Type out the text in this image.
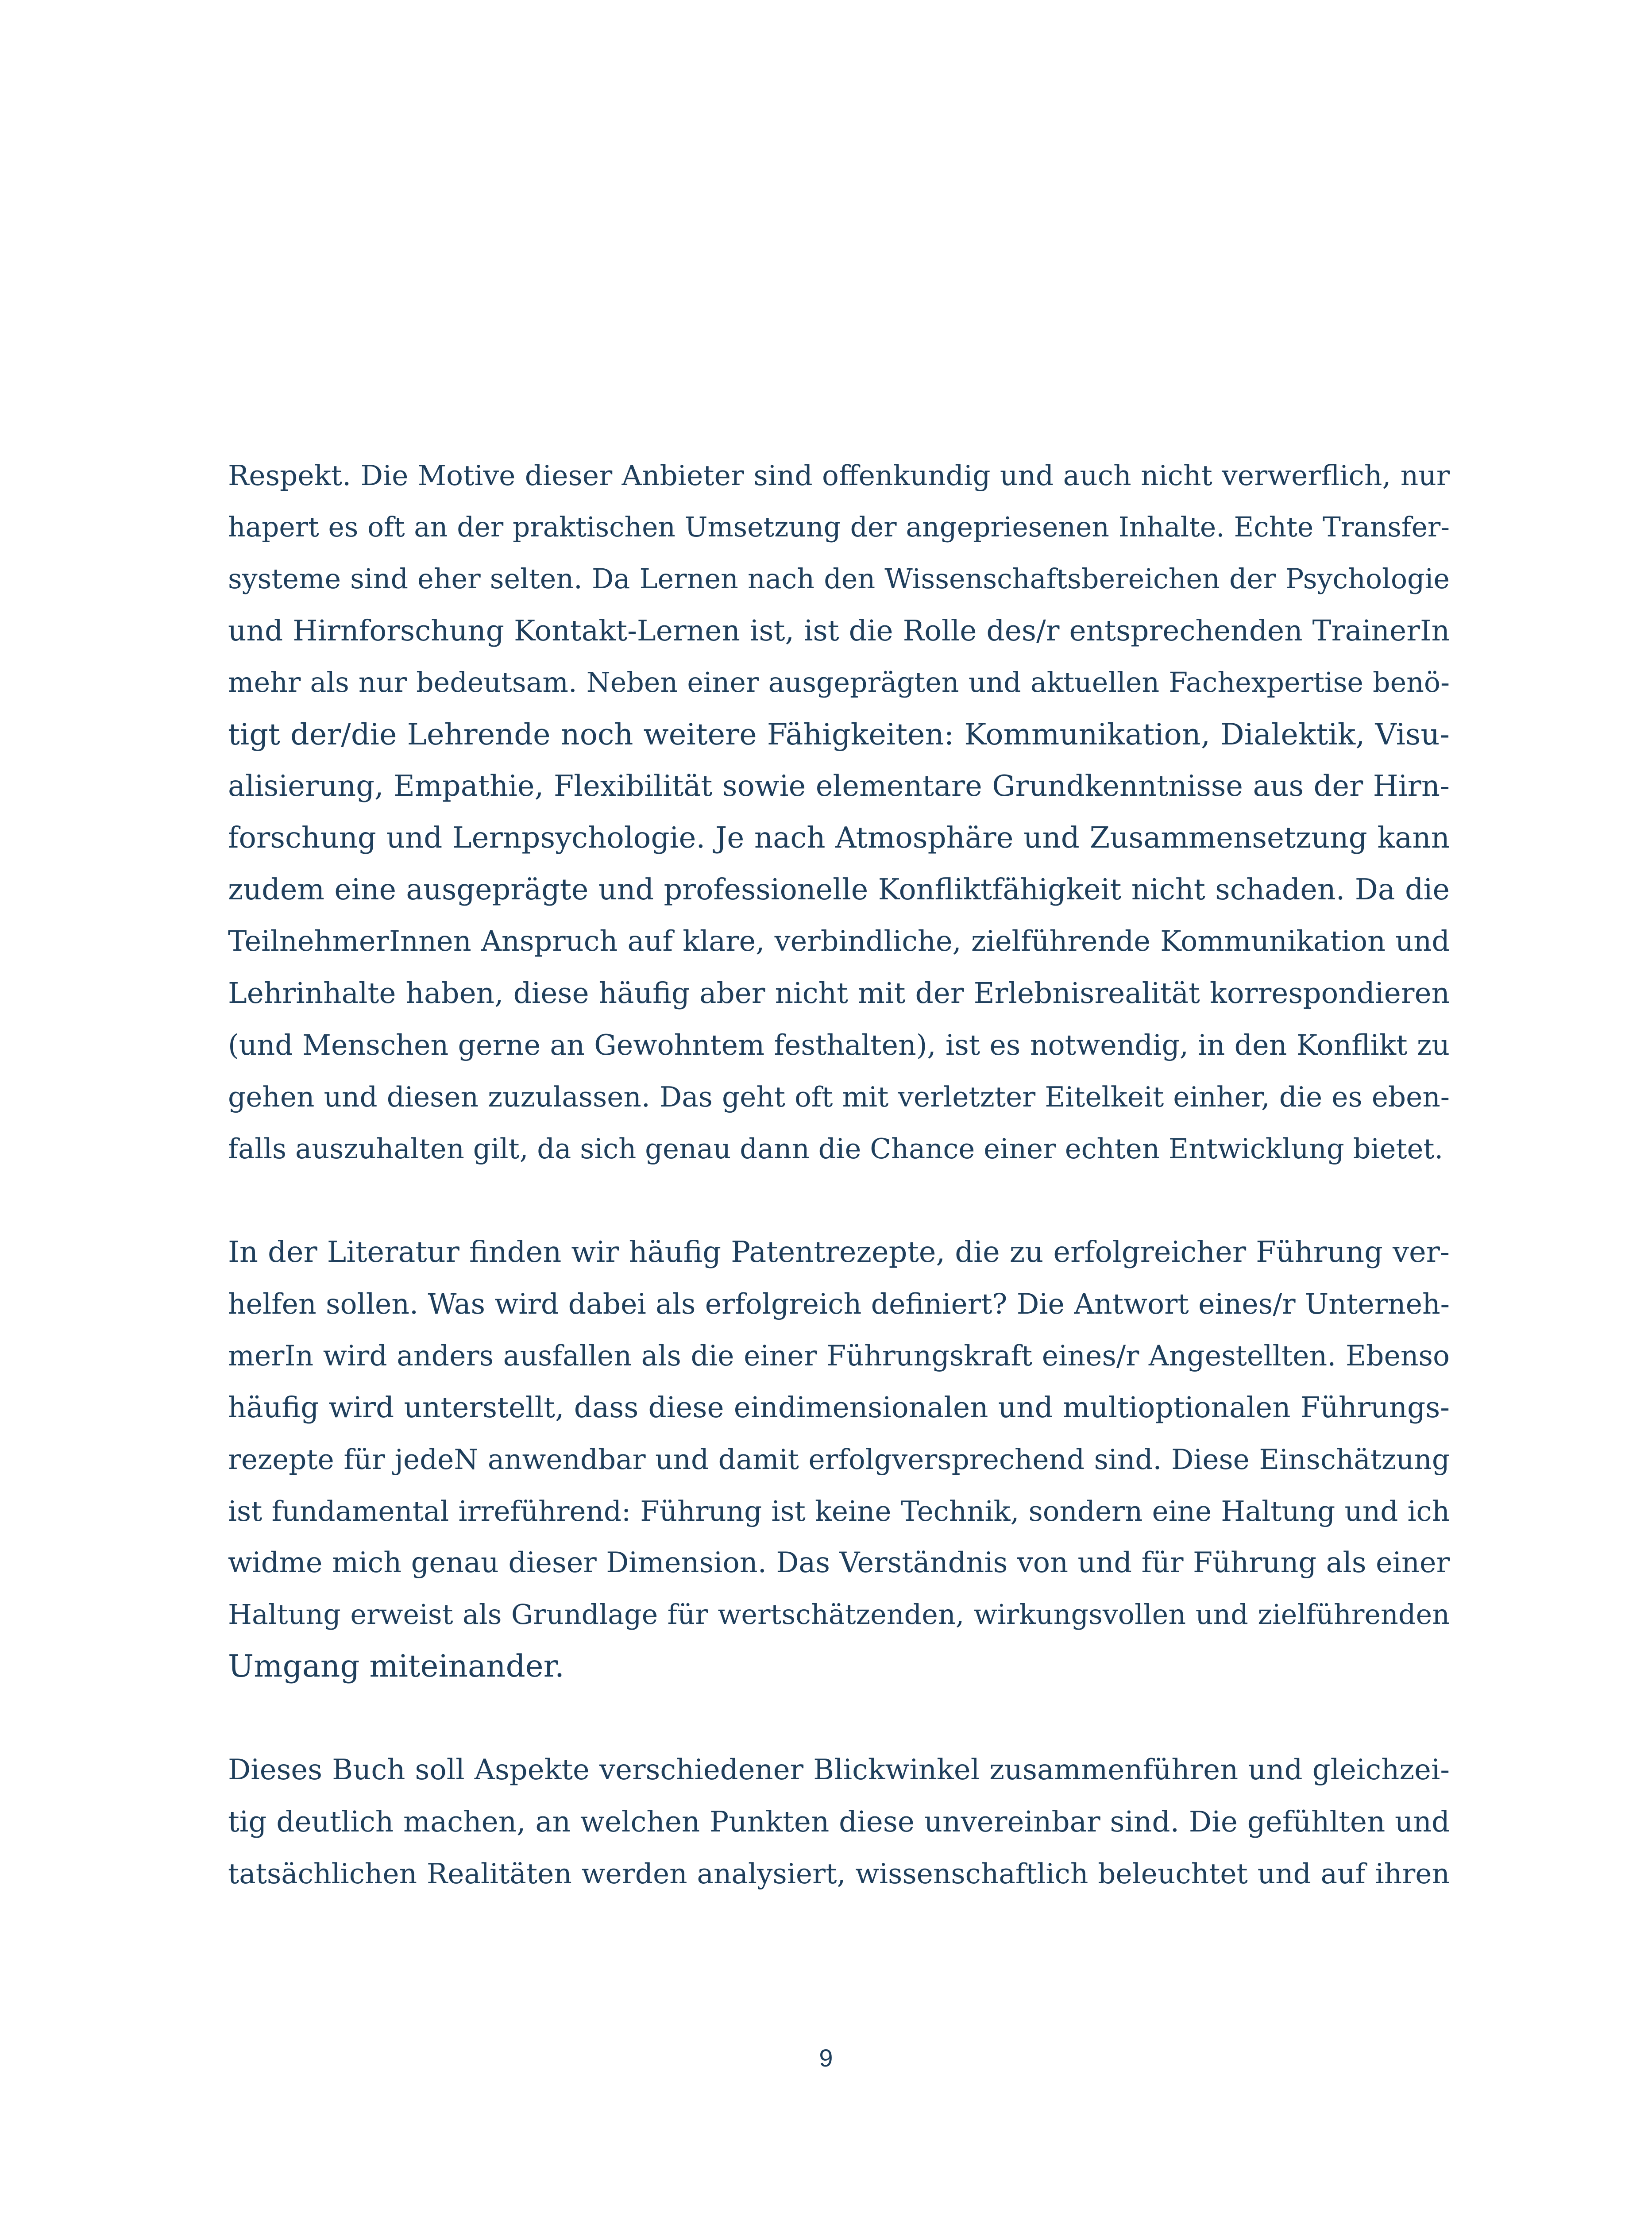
Respekt. Die Motive dieser Anbieter sind offenkundig und auch nicht verwerflich, nur
hapert es oft an der praktischen Umsetzung der angepriesenen Inhalte. Echte Transfer-
systeme sind eher selten. Da Lernen nach den Wissenschaftsbereichen der Psychologie
und Hirnforschung Kontakt-Lernen ist, ist die Rolle des/r entsprechenden TrainerIn
mehr als nur bedeutsam. Neben einer ausgeprägten und aktuellen Fachexpertise benö-
tigt der/die Lehrende noch weitere Fähigkeiten: Kommunikation, Dialektik, Visu-
alisierung, Empathie, Flexibilität sowie elementare Grundkenntnisse aus der Hirn-
forschung und Lernpsychologie. Je nach Atmosphäre und Zusammensetzung kann
zudem eine ausgeprägte und professionelle Konfliktfähigkeit nicht schaden. Da die
TeilnehmerInnen Anspruch auf klare, verbindliche, zielführende Kommunikation und
Lehrinhalte haben, diese häufig aber nicht mit der Erlebnisrealität korrespondieren
(und Menschen gerne an Gewohntem festhalten), ist es notwendig, in den Konflikt zu
gehen und diesen zuzulassen. Das geht oft mit verletzter Eitelkeit einher, die es eben-
falls auszuhalten gilt, da sich genau dann die Chance einer echten Entwicklung bietet.
In der Literatur finden wir häufig Patentrezepte, die zu erfolgreicher Führung ver-
helfen sollen. Was wird dabei als erfolgreich definiert? Die Antwort eines/r Unterneh-
merIn wird anders ausfallen als die einer Führungskraft eines/r Angestellten. Ebenso
häufig wird unterstellt, dass diese eindimensionalen und multioptionalen Führungs-
rezepte für jedeN anwendbar und damit erfolgversprechend sind. Diese Einschätzung
ist fundamental irreführend: Führung ist keine Technik, sondern eine Haltung und ich
widme mich genau dieser Dimension. Das Verständnis von und für Führung als einer
Haltung erweist als Grundlage für wertschätzenden, wirkungsvollen und zielführenden
Umgang miteinander.
Dieses Buch soll Aspekte verschiedener Blickwinkel zusammenführen und gleichzei-
tig deutlich machen, an welchen Punkten diese unvereinbar sind. Die gefühlten und
tatsächlichen Realitäten werden analysiert, wissenschaftlich beleuchtet und auf ihren
9
